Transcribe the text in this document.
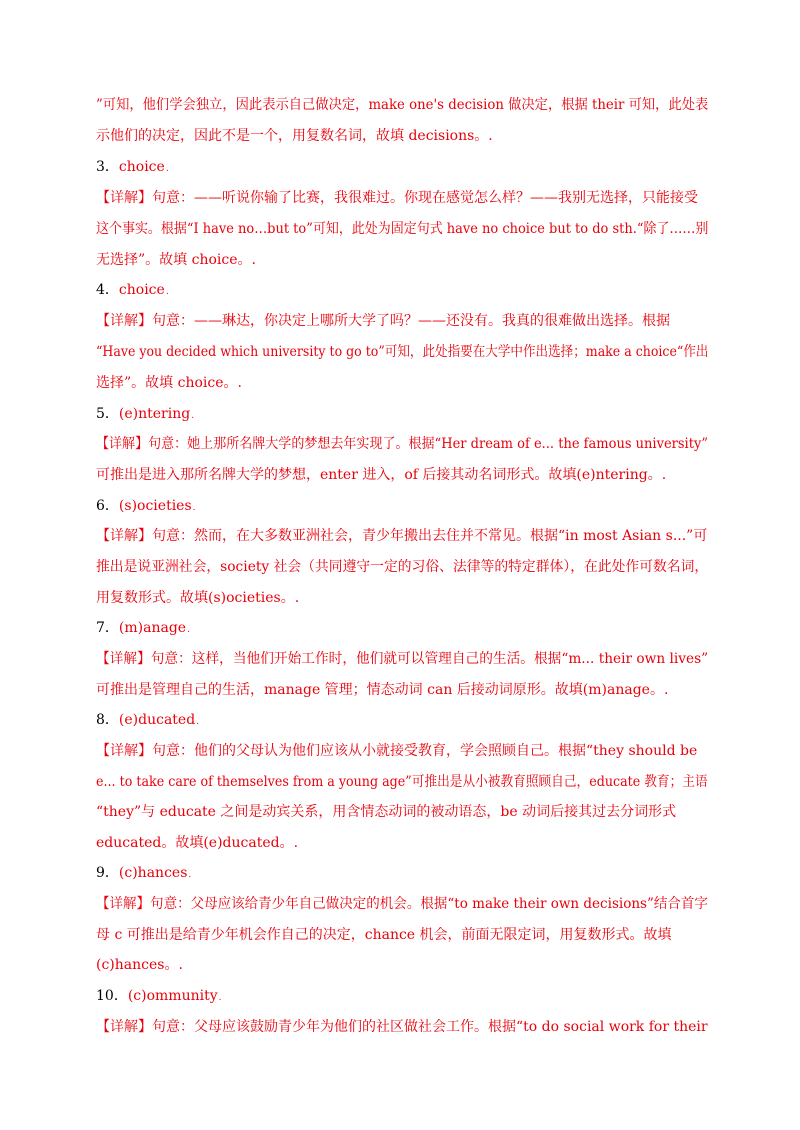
”可知，他们学会独立，因此表示自己做决定，make one's decision 做决定，根据 their 可知，此处表
示他们的决定，因此不是一个，用复数名词，故填 decisions。.
3．choice .
【详解】句意：——听说你输了比赛，我很难过。你现在感觉怎么样？——我别无选择，只能接受
这个事实。根据“I have no…but to”可知，此处为固定句式 have no choice but to do sth.“除了……别
无选择”。故填 choice。.
4．choice .
【详解】句意：——琳达，你决定上哪所大学了吗？——还没有。我真的很难做出选择。根据
“Have you decided which university to go to”可知，此处指要在大学中作出选择；make a choice“作出
选择”。故填 choice。.
5．(e)ntering .
【详解】句意：她上那所名牌大学的梦想去年实现了。根据“Her dream of e... the famous university”
可推出是进入那所名牌大学的梦想，enter 进入，of 后接其动名词形式。故填(e)ntering。.
6．(s)ocieties .
【详解】句意：然而，在大多数亚洲社会，青少年搬出去住并不常见。根据“in most Asian s...”可
推出是说亚洲社会，society 社会（共同遵守一定的习俗、法律等的特定群体），在此处作可数名词，
用复数形式。故填(s)ocieties。.
7．(m)anage .
【详解】句意：这样，当他们开始工作时，他们就可以管理自己的生活。根据“m... their own lives”
可推出是管理自己的生活，manage 管理；情态动词 can 后接动词原形。故填(m)anage。.
8．(e)ducated .
【详解】句意：他们的父母认为他们应该从小就接受教育，学会照顾自己。根据“they should be
e... to take care of themselves from a young age”可推出是从小被教育照顾自己，educate 教育；主语
“they”与 educate 之间是动宾关系，用含情态动词的被动语态，be 动词后接其过去分词形式
educated。故填(e)ducated。.
9．(c)hances .
【详解】句意：父母应该给青少年自己做决定的机会。根据“to make their own decisions”结合首字
母 c 可推出是给青少年机会作自己的决定，chance 机会，前面无限定词，用复数形式。故填
(c)hances。.
10．(c)ommunity .
【详解】句意：父母应该鼓励青少年为他们的社区做社会工作。根据“to do social work for their
